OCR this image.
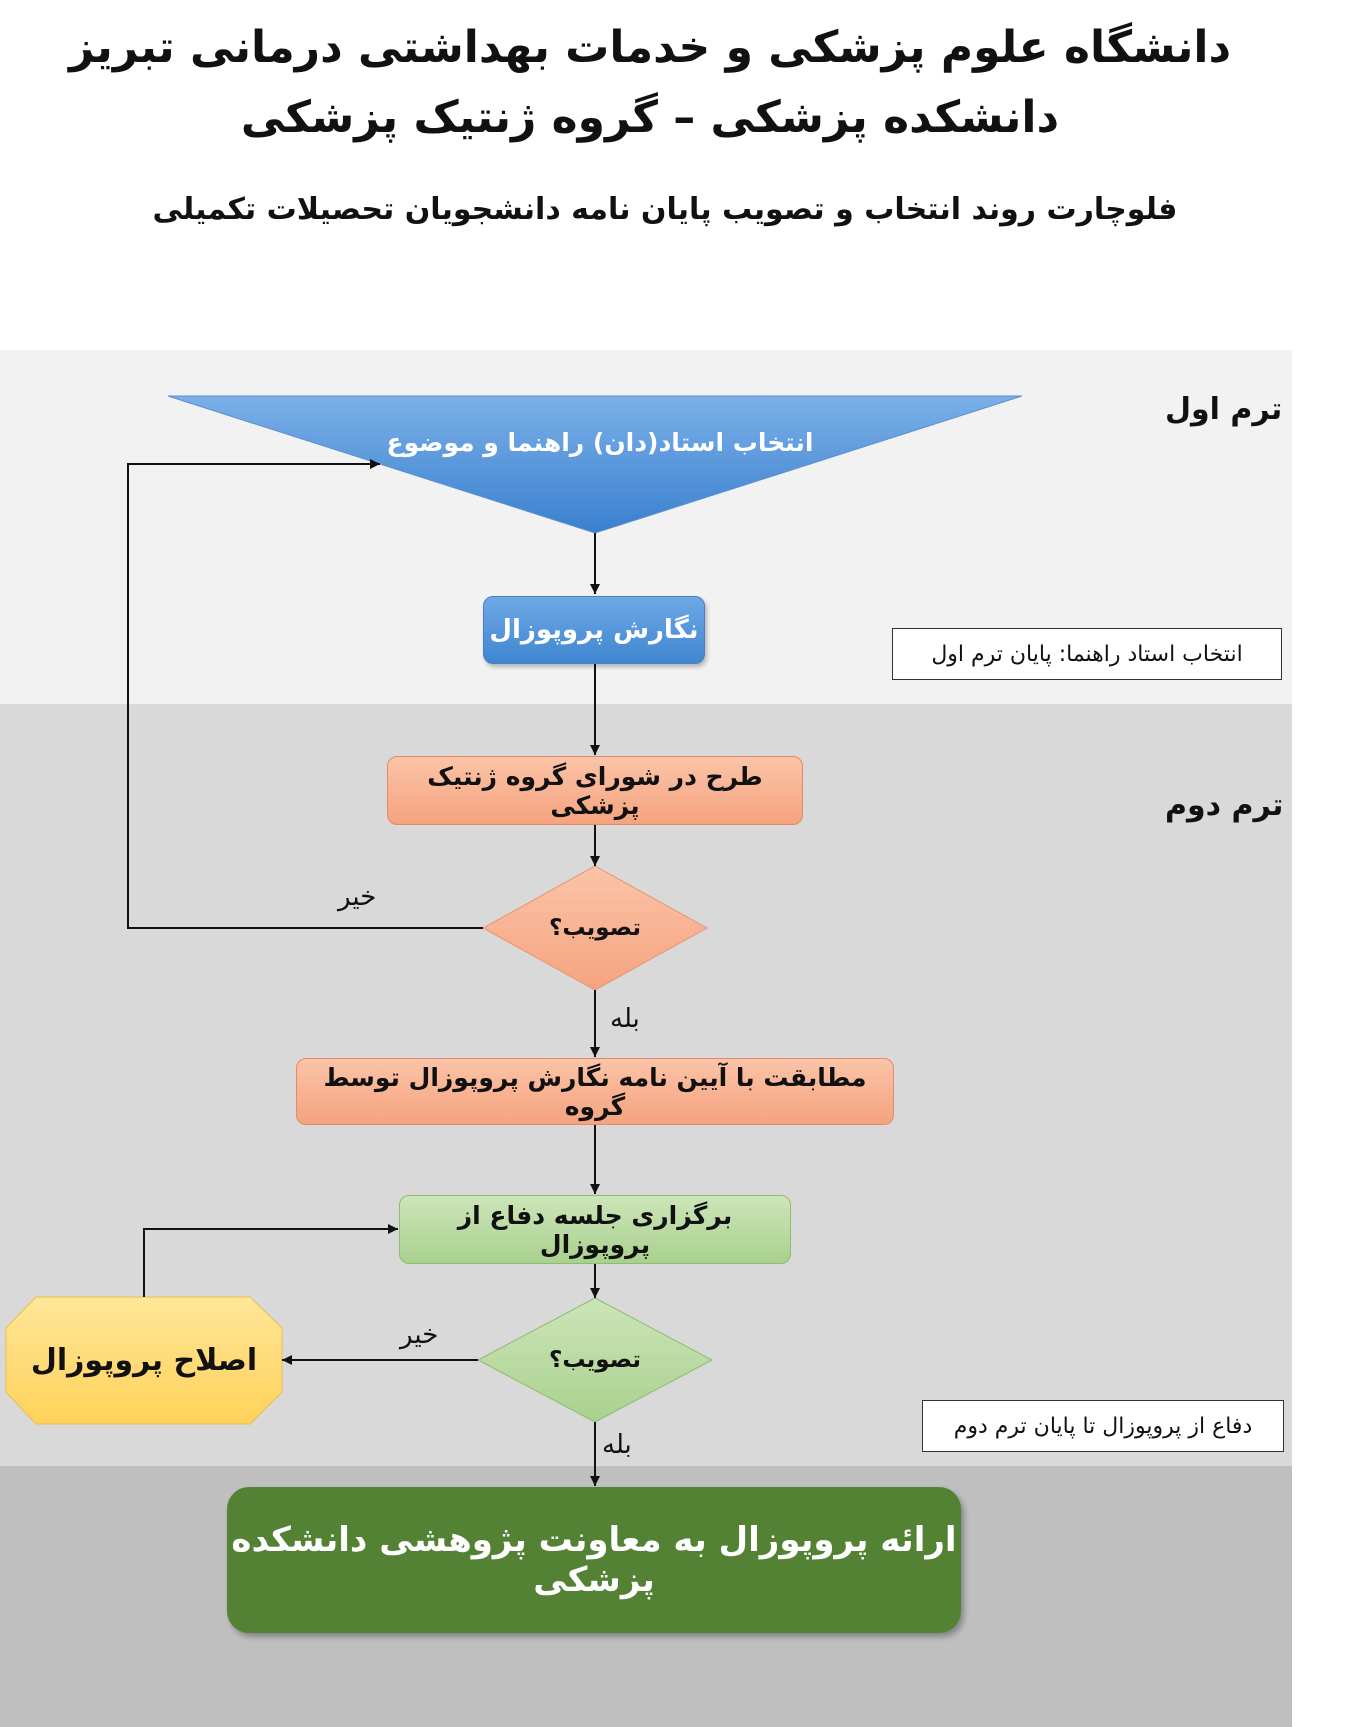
دانشگاه علوم پزشکی و خدمات بهداشتی درمانی تبریز
دانشکده پزشکی – گروه ژنتیک پزشکی
فلوچارت روند انتخاب و تصویب پایان نامه دانشجویان تحصیلات تکمیلی
ترم اول
ترم دوم
انتخاب استاد راهنما: پایان ترم اول
دفاع از پروپوزال تا پایان ترم دوم
انتخاب استاد(دان) راهنما و موضوع
نگارش پروپوزال
طرح در شورای گروه ژنتیک پزشکی
تصویب؟
مطابقت با آیین نامه نگارش پروپوزال توسط گروه
برگزاری جلسه دفاع از پروپوزال
تصویب؟
اصلاح پروپوزال
ارائه پروپوزال به معاونت پژوهشی دانشکده پزشکی
خیر
بله
خیر
بله
